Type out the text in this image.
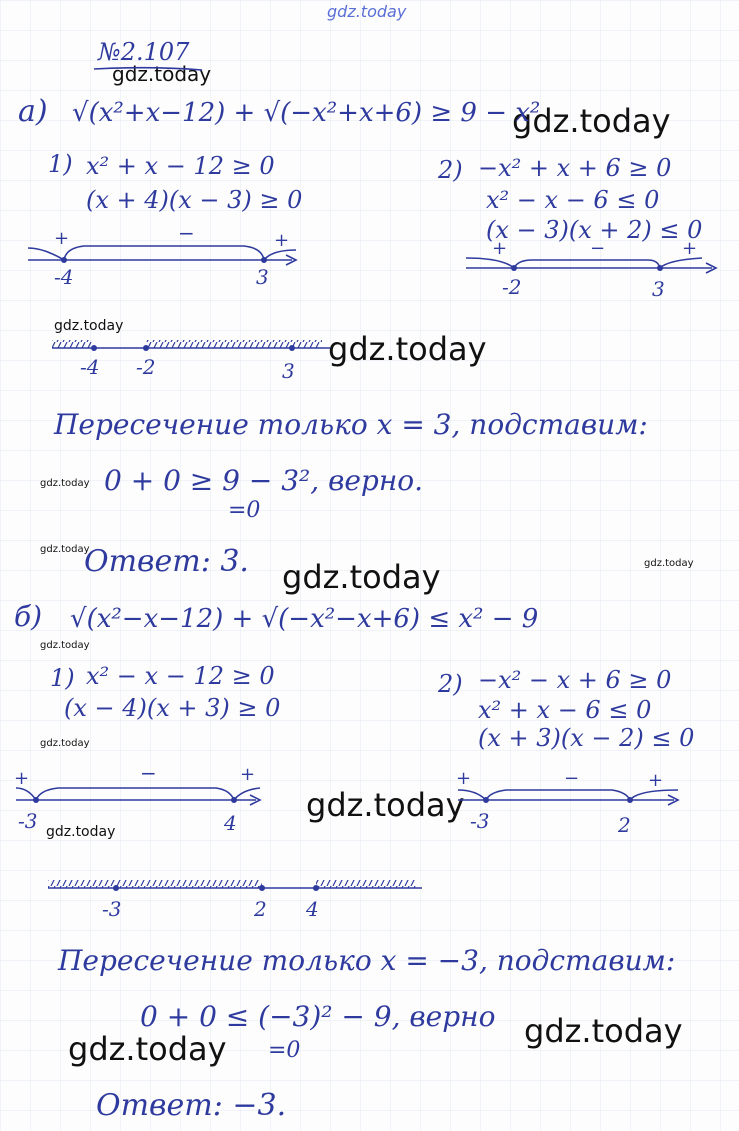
gdz.today
gdz.today
gdz.today
gdz.today
gdz.today
gdz.today
gdz.today
gdz.today
gdz.today
gdz.today
gdz.today
gdz.today
gdz.today
gdz.today
gdz.today
№2.107
а) √(x²+x−12) + √(−x²+x+6) ≥ 9 − x²
1) x² + x − 12 ≥ 0
(x + 4)(x − 3) ≥ 0
2) −x² + x + 6 ≥ 0
x² − x − 6 ≤ 0
(x − 3)(x + 2) ≤ 0
+	−	+
-4	3
+	−	+
-2	3
-4 -2	3
Пересечение только x = 3, подставим:
0 + 0 ≥ 9 − 3², верно.
=0
Ответ: 3.
б) √(x²−x−12) + √(−x²−x+6) ≤ x² − 9
1) x² − x − 12 ≥ 0
(x − 4)(x + 3) ≥ 0
2) −x² − x + 6 ≥ 0
x² + x − 6 ≤ 0
(x + 3)(x − 2) ≤ 0
+	−	+
-3	4
+	−	+
-3	2
-3	2 4
Пересечение только x = −3, подставим:
0 + 0 ≤ (−3)² − 9, верно
=0
Ответ: −3.
